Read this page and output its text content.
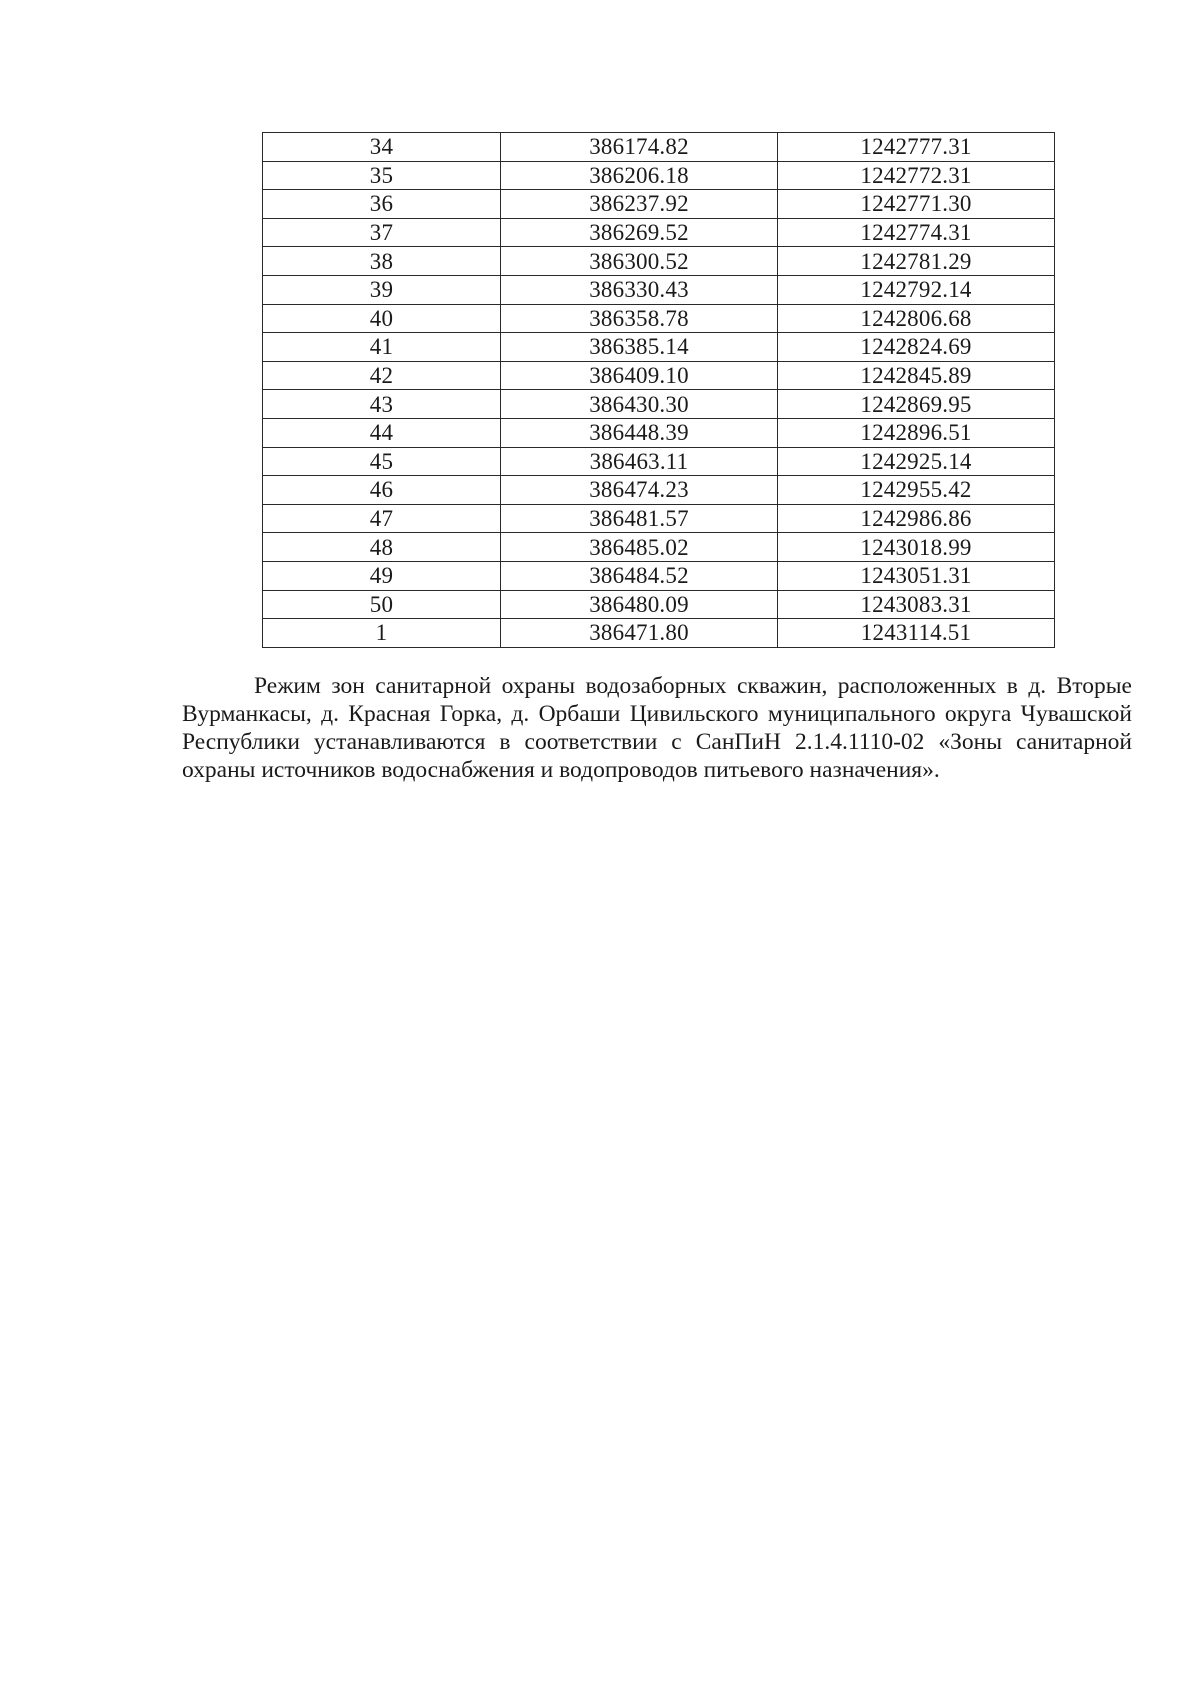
34	386174.82	1242777.31
35	386206.18	1242772.31
36	386237.92	1242771.30
37	386269.52	1242774.31
38	386300.52	1242781.29
39	386330.43	1242792.14
40	386358.78	1242806.68
41	386385.14	1242824.69
42	386409.10	1242845.89
43	386430.30	1242869.95
44	386448.39	1242896.51
45	386463.11	1242925.14
46	386474.23	1242955.42
47	386481.57	1242986.86
48	386485.02	1243018.99
49	386484.52	1243051.31
50	386480.09	1243083.31
1	386471.80	1243114.51

Режим зон санитарной охраны водозаборных скважин, расположенных в д. Вторые Вурманкасы, д. Красная Горка, д. Орбаши Цивильского муниципального округа Чувашской Республики устанавливаются в соответствии с СанПиН 2.1.4.1110-02 «Зоны санитарной охраны источников водоснабжения и водопроводов питьевого назначения».
